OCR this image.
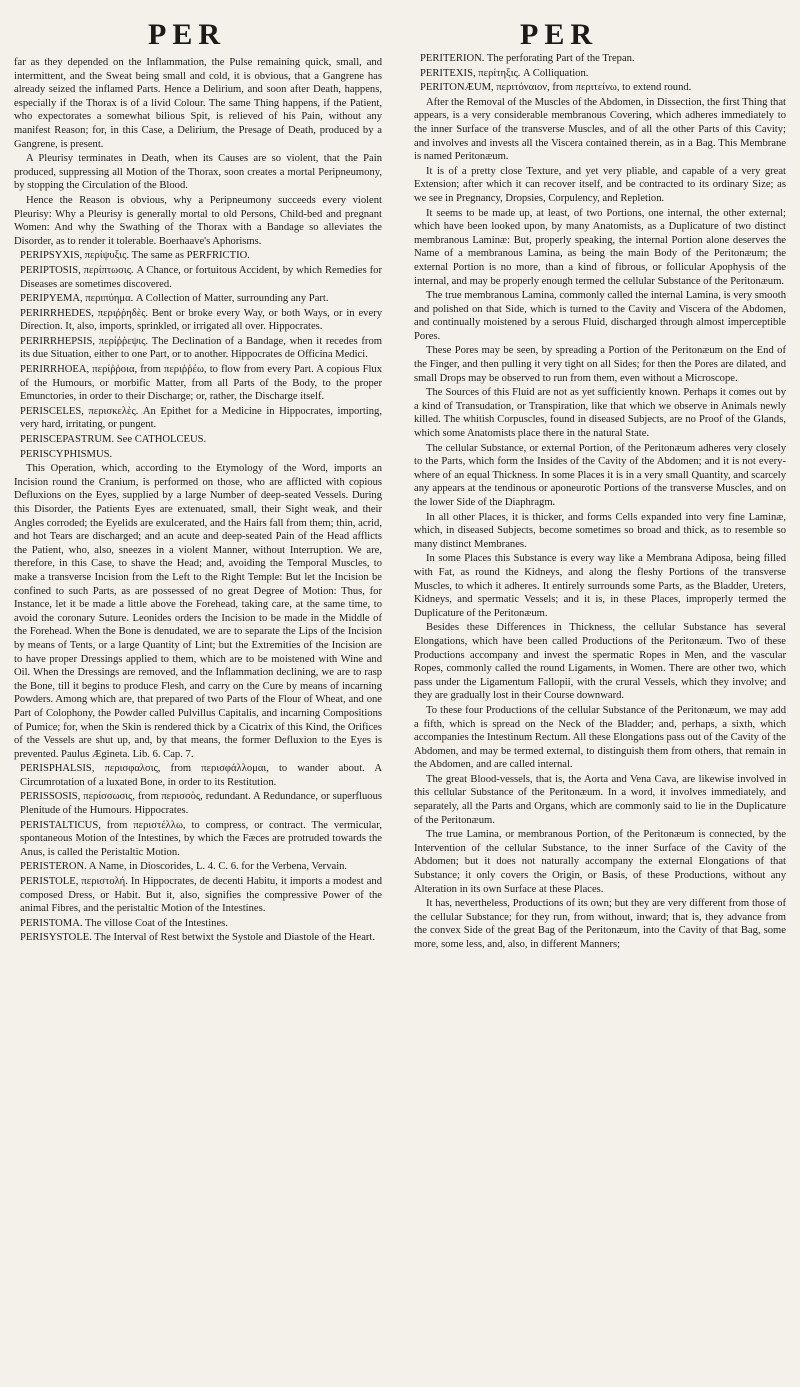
PER	PER

far as they depended on the Inflammation, the Pulse remaining quick, small, and intermittent, and the Sweat being small and cold, it is obvious, that a Gangrene has already seized the inflamed Parts. Hence a Delirium, and soon after Death, happens, especially if the Thorax is of a livid Colour. The same Thing happens, if the Patient, who expectorates a somewhat bilious Spit, is relieved of his Pain, without any manifest Reason; for, in this Case, a Delirium, the Presage of Death, produced by a Gangrene, is present.

A Pleurisy terminates in Death, when its Causes are so violent, that the Pain produced, suppressing all Motion of the Thorax, soon creates a mortal Peripneumony, by stopping the Circulation of the Blood.

Hence the Reason is obvious, why a Peripneumony succeeds every violent Pleurisy: Why a Pleurisy is generally mortal to old Persons, Child-bed and pregnant Women: And why the Swathing of the Thorax with a Bandage so alleviates the Disorder, as to render it tolerable. Boerhaave's Aphorisms.

PERIPSYXIS, περίψυξις. The same as PERFRICTIO.

PERIPTOSIS, περίπτωσις. A Chance, or fortuitous Accident, by which Remedies for Diseases are sometimes discovered.

PERIPYEMA, περιπύημα. A Collection of Matter, surrounding any Part.

PERIRRHEDES, περιῤῥηδὲς. Bent or broke every Way, or both Ways, or in every Direction. It, also, imports, sprinkled, or irrigated all over. Hippocrates.

PERIRRHEPSIS, περίῤῥεψις. The Declination of a Bandage, when it recedes from its due Situation, either to one Part, or to another. Hippocrates de Officina Medici.

PERIRRHOEA, περίῤῥοια, from περιῤῥέω, to flow from every Part. A copious Flux of the Humours, or morbific Matter, from all Parts of the Body, to the proper Emunctories, in order to their Discharge; or, rather, the Discharge itself.

PERISCELES, περισκελὲς. An Epithet for a Medicine in Hippocrates, importing, very hard, irritating, or pungent.

PERISCEPASTRUM. See CATHOLCEUS.

PERISCYPHISMUS.

This Operation, which, according to the Etymology of the Word, imports an Incision round the Cranium, is performed on those, who are afflicted with copious Defluxions on the Eyes, supplied by a large Number of deep-seated Vessels. During this Disorder, the Patients Eyes are extenuated, small, their Sight weak, and their Angles corroded; the Eyelids are exulcerated, and the Hairs fall from them; thin, acrid, and hot Tears are discharged; and an acute and deep-seated Pain of the Head afflicts the Patient, who, also, sneezes in a violent Manner, without Interruption. We are, therefore, in this Case, to shave the Head; and, avoiding the Temporal Muscles, to make a transverse Incision from the Left to the Right Temple: But let the Incision be confined to such Parts, as are possessed of no great Degree of Motion: Thus, for Instance, let it be made a little above the Forehead, taking care, at the same time, to avoid the coronary Suture. Leonides orders the Incision to be made in the Middle of the Forehead. When the Bone is denudated, we are to separate the Lips of the Incision by means of Tents, or a large Quantity of Lint; but the Extremities of the Incision are to have proper Dressings applied to them, which are to be moistened with Wine and Oil. When the Dressings are removed, and the Inflammation declining, we are to rasp the Bone, till it begins to produce Flesh, and carry on the Cure by means of incarning Powders. Among which are, that prepared of two Parts of the Flour of Wheat, and one Part of Colophony, the Powder called Pulvillus Capitalis, and incarning Compositions of Pumice; for, when the Skin is rendered thick by a Cicatrix of this Kind, the Orifices of the Vessels are shut up, and, by that means, the former Defluxion to the Eyes is prevented. Paulus Ægineta. Lib. 6. Cap. 7.

PERISPHALSIS, περισφαλσις, from περισφάλλομαι, to wander about. A Circumrotation of a luxated Bone, in order to its Restitution.

PERISSOSIS, περίσσωσις, from περισσὸς, redundant. A Redundance, or superfluous Plenitude of the Humours. Hippocrates.

PERISTALTICUS, from περιστέλλω, to compress, or contract. The vermicular, spontaneous Motion of the Intestines, by which the Fæces are protruded towards the Anus, is called the Peristaltic Motion.

PERISTERON. A Name, in Dioscorides, L. 4. C. 6. for the Verbena, Vervain.

PERISTOLE, περιστολή. In Hippocrates, de decenti Habitu, it imports a modest and composed Dress, or Habit. But it, also, signifies the compressive Power of the animal Fibres, and the peristaltic Motion of the Intestines.

PERISTOMA. The villose Coat of the Intestines.

PERISYSTOLE. The Interval of Rest betwixt the Systole and Diastole of the Heart.

PERITERION. The perforating Part of the Trepan.

PERITEXIS, περίτηξις. A Colliquation.

PERITONÆUM, περιτόναιον, from περιτείνω, to extend round.

After the Removal of the Muscles of the Abdomen, in Dissection, the first Thing that appears, is a very considerable membranous Covering, which adheres immediately to the inner Surface of the transverse Muscles, and of all the other Parts of this Cavity; and involves and invests all the Viscera contained therein, as in a Bag. This Membrane is named Peritonæum.

It is of a pretty close Texture, and yet very pliable, and capable of a very great Extension; after which it can recover itself, and be contracted to its ordinary Size; as we see in Pregnancy, Dropsies, Corpulency, and Repletion.

It seems to be made up, at least, of two Portions, one internal, the other external; which have been looked upon, by many Anatomists, as a Duplicature of two distinct membranous Laminæ: But, properly speaking, the internal Portion alone deserves the Name of a membranous Lamina, as being the main Body of the Peritonæum; the external Portion is no more, than a kind of fibrous, or follicular Apophysis of the internal, and may be properly enough termed the cellular Substance of the Peritonæum.

The true membranous Lamina, commonly called the internal Lamina, is very smooth and polished on that Side, which is turned to the Cavity and Viscera of the Abdomen, and continually moistened by a serous Fluid, discharged through almost imperceptible Pores.

These Pores may be seen, by spreading a Portion of the Peritonæum on the End of the Finger, and then pulling it very tight on all Sides; for then the Pores are dilated, and small Drops may be observed to run from them, even without a Microscope.

The Sources of this Fluid are not as yet sufficiently known. Perhaps it comes out by a kind of Transudation, or Transpiration, like that which we observe in Animals newly killed. The whitish Corpuscles, found in diseased Subjects, are no Proof of the Glands, which some Anatomists place there in the natural State.

The cellular Substance, or external Portion, of the Peritonæum adheres very closely to the Parts, which form the Insides of the Cavity of the Abdomen; and it is not every-where of an equal Thickness. In some Places it is in a very small Quantity, and scarcely any appears at the tendinous or aponeurotic Portions of the transverse Muscles, and on the lower Side of the Diaphragm.

In all other Places, it is thicker, and forms Cells expanded into very fine Laminæ, which, in diseased Subjects, become sometimes so broad and thick, as to resemble so many distinct Membranes.

In some Places this Substance is every way like a Membrana Adiposa, being filled with Fat, as round the Kidneys, and along the fleshy Portions of the transverse Muscles, to which it adheres. It entirely surrounds some Parts, as the Bladder, Ureters, Kidneys, and spermatic Vessels; and it is, in these Places, improperly termed the Duplicature of the Peritonæum.

Besides these Differences in Thickness, the cellular Substance has several Elongations, which have been called Productions of the Peritonæum. Two of these Productions accompany and invest the spermatic Ropes in Men, and the vascular Ropes, commonly called the round Ligaments, in Women. There are other two, which pass under the Ligamentum Fallopii, with the crural Vessels, which they involve; and they are gradually lost in their Course downward.

To these four Productions of the cellular Substance of the Peritonæum, we may add a fifth, which is spread on the Neck of the Bladder; and, perhaps, a sixth, which accompanies the Intestinum Rectum. All these Elongations pass out of the Cavity of the Abdomen, and may be termed external, to distinguish them from others, that remain in the Abdomen, and are called internal.

The great Blood-vessels, that is, the Aorta and Vena Cava, are likewise involved in this cellular Substance of the Peritonæum. In a word, it involves immediately, and separately, all the Parts and Organs, which are commonly said to lie in the Duplicature of the Peritonæum.

The true Lamina, or membranous Portion, of the Peritonæum is connected, by the Intervention of the cellular Substance, to the inner Surface of the Cavity of the Abdomen; but it does not naturally accompany the external Elongations of that Substance; it only covers the Origin, or Basis, of these Productions, without any Alteration in its own Surface at these Places.

It has, nevertheless, Productions of its own; but they are very different from those of the cellular Substance; for they run, from without, inward; that is, they advance from the convex Side of the great Bag of the Peritonæum, into the Cavity of that Bag, some more, some less, and, also, in different Manners;
